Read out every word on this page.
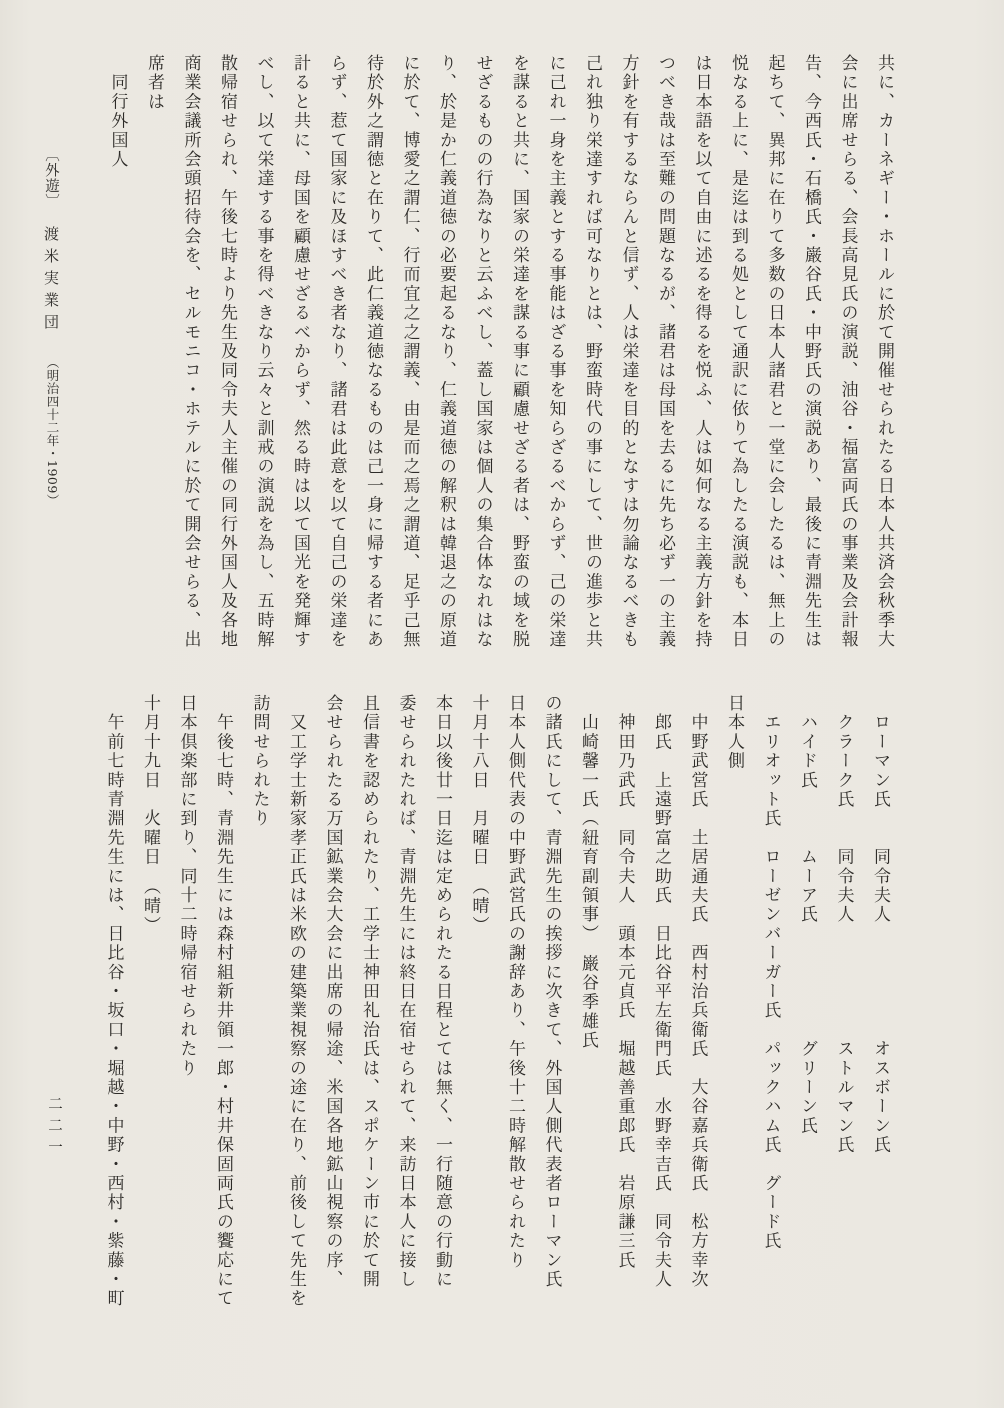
共に、カーネギー・ホールに於て開催せられたる日本人共済会秋季大
会に出席せらる、会長高見氏の演説、油谷・福富両氏の事業及会計報
告、今西氏・石橋氏・巌谷氏・中野氏の演説あり、最後に青淵先生は
起ちて、異邦に在りて多数の日本人諸君と一堂に会したるは、無上の
悦なる上に、是迄は到る処として通訳に依りて為したる演説も、本日
は日本語を以て自由に述るを得るを悦ふ、人は如何なる主義方針を持
つべき哉は至難の問題なるが、諸君は母国を去るに先ち必ず一の主義
方針を有するならんと信ず、人は栄達を目的となすは勿論なるべきも
己れ独り栄達すれば可なりとは、野蛮時代の事にして、世の進歩と共
に己れ一身を主義とする事能はざる事を知らざるべからず、己の栄達
を謀ると共に、国家の栄達を謀る事に顧慮せざる者は、野蛮の域を脱
せざるものの行為なりと云ふべし、蓋し国家は個人の集合体なれはな
り、於是か仁義道徳の必要起るなり、仁義道徳の解釈は韓退之の原道
に於て、博愛之謂仁、行而宜之之謂義、由是而之焉之謂道、足乎己無
待於外之謂徳と在りて、此仁義道徳なるものは己一身に帰する者にあ
らず、惹て国家に及ほすべき者なり、諸君は此意を以て自己の栄達を
計ると共に、母国を顧慮せざるべからず、然る時は以て国光を発輝す
べし、以て栄達する事を得べきなり云々と訓戒の演説を為し、五時解
散帰宿せられ、午後七時より先生及同令夫人主催の同行外国人及各地
商業会議所会頭招待会を、セルモニコ・ホテルに於て開会せらる、出
席者は
　同行外国人
　ローマン氏　　同令夫人　　　　　　オスボーン氏
　クラーク氏　　同令夫人　　　　　　ストルマン氏
　ハイド氏　　　ムーア氏　　　　　　グリーン氏
　エリオット氏　ローゼンバーガー氏　パックハム氏　グード氏
日本人側
　中野武営氏　土居通夫氏　西村治兵衛氏　大谷嘉兵衛氏　松方幸次
　郎氏　上遠野富之助氏　日比谷平左衛門氏　水野幸吉氏　同令夫人
　神田乃武氏　同令夫人　頭本元貞氏　堀越善重郎氏　岩原謙三氏
　山崎馨一氏（紐育副領事）　巌谷季雄氏
の諸氏にして、青淵先生の挨拶に次きて、外国人側代表者ローマン氏
日本人側代表の中野武営氏の謝辞あり、午後十二時解散せられたり
十月十八日　月曜日　（晴）
本日以後廿一日迄は定められたる日程とては無く、一行随意の行動に
委せられたれば、青淵先生には終日在宿せられて、来訪日本人に接し
且信書を認められたり、工学士神田礼治氏は、スポケーン市に於て開
会せられたる万国鉱業会大会に出席の帰途、米国各地鉱山視察の序、
　又工学士新家孝正氏は米欧の建築業視察の途に在り、前後して先生を
訪問せられたり
　午後七時、青淵先生には森村組新井領一郎・村井保固両氏の饗応にて
日本倶楽部に到り、同十二時帰宿せられたり
十月十九日　火曜日　（晴）
　午前七時青淵先生には、日比谷・坂口・堀越・中野・西村・紫藤・町
〔外遊〕
渡米実業団
（明治四十二年・1909）
二二一
